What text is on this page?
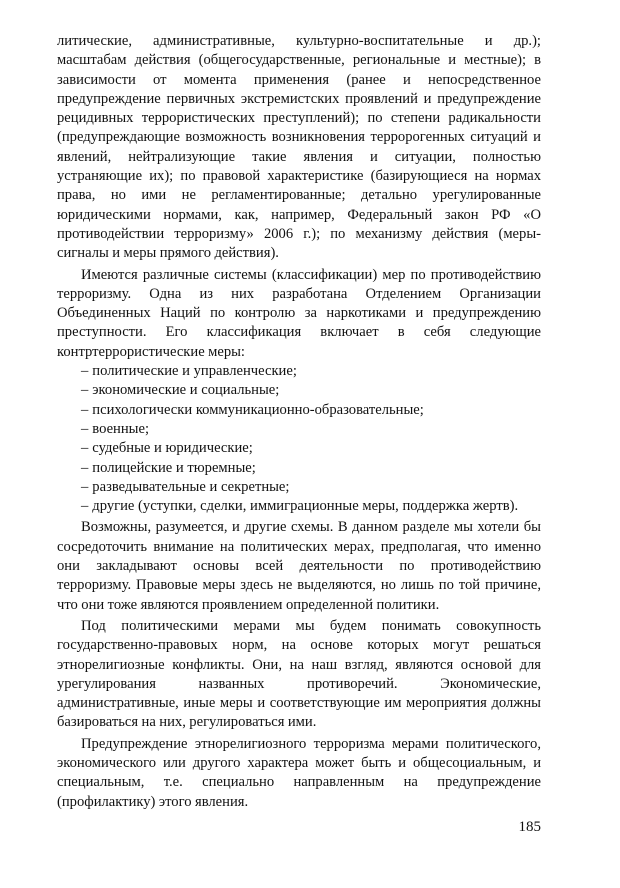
литические, административные, культурно-воспитательные и др.); масштабам действия (общегосударственные, региональные и местные); в зависимости от момента применения (ранее и непосредственное предупреждение первичных экстремистских проявлений и предупреждение рецидивных террористических преступлений); по степени радикальности (предупреждающие возможность возникновения терророгенных ситуаций и явлений, нейтрализующие такие явления и ситуации, полностью устраняющие их); по правовой характеристике (базирующиеся на нормах права, но ими не регламентированные; детально урегулированные юридическими нормами, как, например, Федеральный закон РФ «О противодействии терроризму» 2006 г.); по механизму действия (меры-сигналы и меры прямого действия).

Имеются различные системы (классификации) мер по противодействию терроризму. Одна из них разработана Отделением Организации Объединенных Наций по контролю за наркотиками и предупреждению преступности. Его классификация включает в себя следующие контртеррористические меры:

– политические и управленческие;
– экономические и социальные;
– психологически коммуникационно-образовательные;
– военные;
– судебные и юридические;
– полицейские и тюремные;
– разведывательные и секретные;
– другие (уступки, сделки, иммиграционные меры, поддержка жертв).

Возможны, разумеется, и другие схемы. В данном разделе мы хотели бы сосредоточить внимание на политических мерах, предполагая, что именно они закладывают основы всей деятельности по противодействию терроризму. Правовые меры здесь не выделяются, но лишь по той причине, что они тоже являются проявлением определенной политики.

Под политическими мерами мы будем понимать совокупность государственно-правовых норм, на основе которых могут решаться этнорелигиозные конфликты. Они, на наш взгляд, являются основой для урегулирования названных противоречий. Экономические, административные, иные меры и соответствующие им мероприятия должны базироваться на них, регулироваться ими.

Предупреждение этнорелигиозного терроризма мерами политического, экономического или другого характера может быть и общесоциальным, и специальным, т.е. специально направленным на предупреждение (профилактику) этого явления.

185
